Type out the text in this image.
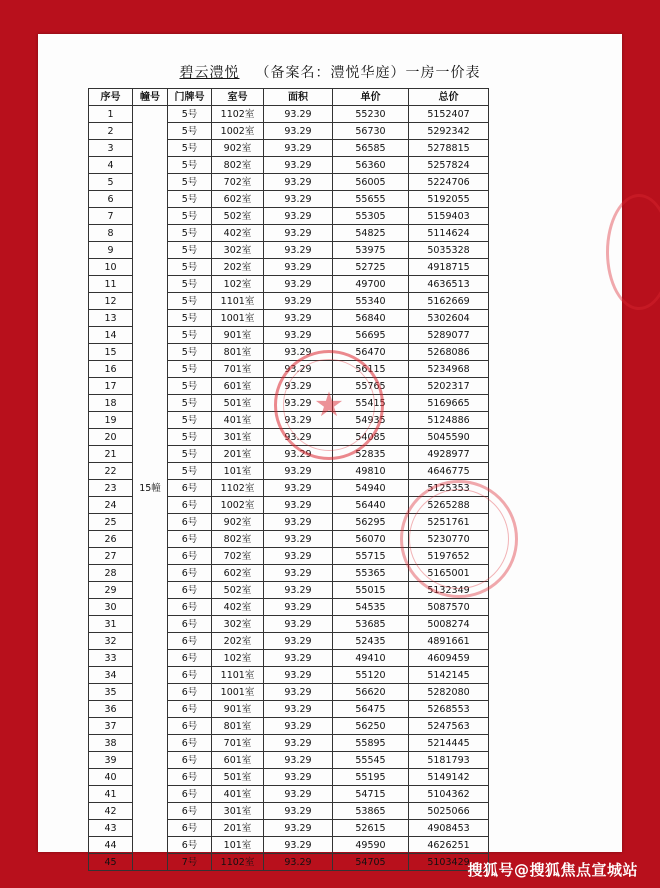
碧云澧悦 （备案名：澧悦华庭）一房一价表
序号	幢号	门牌号	室号	面积	单价	总价
1	15幢	5号	1102室	93.29	55230	5152407
2		5号	1002室	93.29	56730	5292342
3		5号	902室	93.29	56585	5278815
4		5号	802室	93.29	56360	5257824
5		5号	702室	93.29	56005	5224706
6		5号	602室	93.29	55655	5192055
7		5号	502室	93.29	55305	5159403
8		5号	402室	93.29	54825	5114624
9		5号	302室	93.29	53975	5035328
10		5号	202室	93.29	52725	4918715
11		5号	102室	93.29	49700	4636513
12		5号	1101室	93.29	55340	5162669
13		5号	1001室	93.29	56840	5302604
14		5号	901室	93.29	56695	5289077
15		5号	801室	93.29	56470	5268086
16		5号	701室	93.29	56115	5234968
17		5号	601室	93.29	55765	5202317
18		5号	501室	93.29	55415	5169665
19		5号	401室	93.29	54935	5124886
20		5号	301室	93.29	54085	5045590
21		5号	201室	93.29	52835	4928977
22		5号	101室	93.29	49810	4646775
23		6号	1102室	93.29	54940	5125353
24		6号	1002室	93.29	56440	5265288
25		6号	902室	93.29	56295	5251761
26		6号	802室	93.29	56070	5230770
27		6号	702室	93.29	55715	5197652
28		6号	602室	93.29	55365	5165001
29		6号	502室	93.29	55015	5132349
30		6号	402室	93.29	54535	5087570
31		6号	302室	93.29	53685	5008274
32		6号	202室	93.29	52435	4891661
33		6号	102室	93.29	49410	4609459
34		6号	1101室	93.29	55120	5142145
35		6号	1001室	93.29	56620	5282080
36		6号	901室	93.29	56475	5268553
37		6号	801室	93.29	56250	5247563
38		6号	701室	93.29	55895	5214445
39		6号	601室	93.29	55545	5181793
40		6号	501室	93.29	55195	5149142
41		6号	401室	93.29	54715	5104362
42		6号	301室	93.29	53865	5025066
43		6号	201室	93.29	52615	4908453
44		6号	101室	93.29	49590	4626251
45		7号	1102室	93.29	54705	5103429
★
搜狐号@搜狐焦点宣城站
